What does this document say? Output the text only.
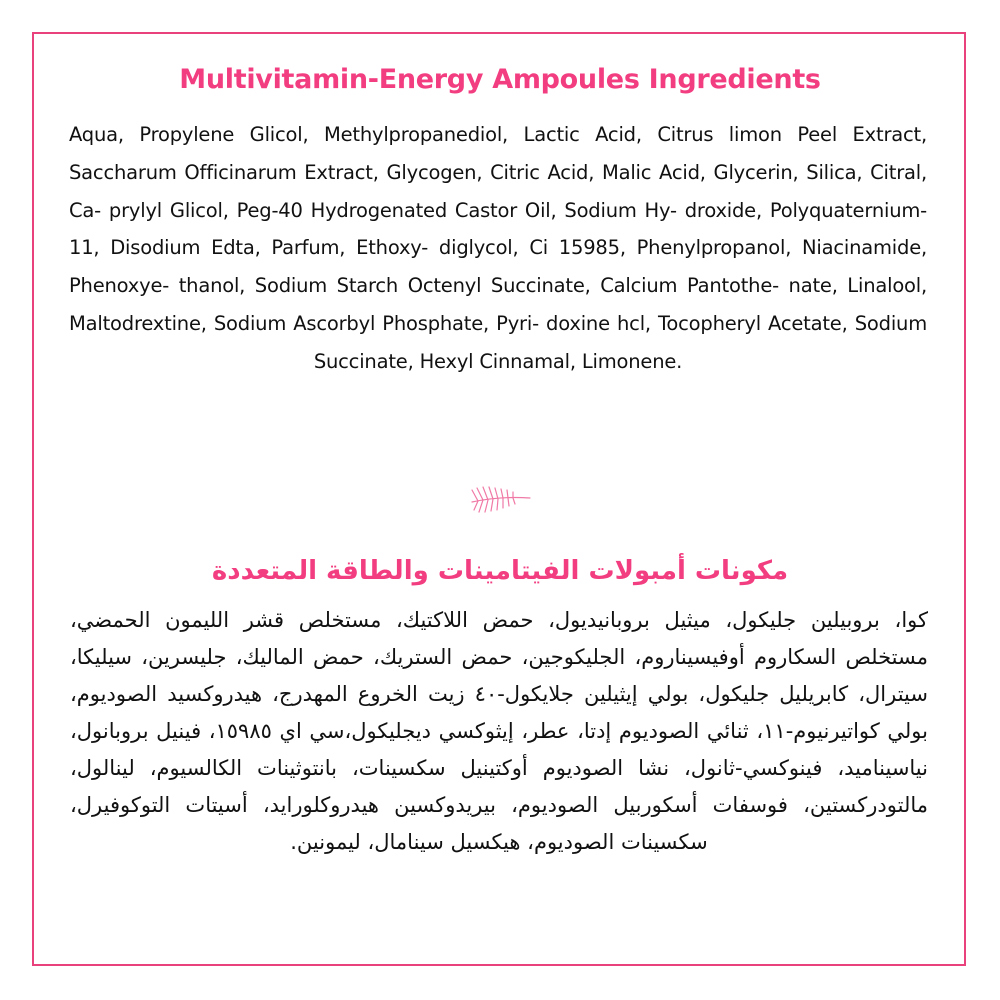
Multivitamin-Energy Ampoules Ingredients
Aqua, Propylene Glicol, Methylpropanediol, Lactic Acid, Citrus limon Peel Extract, Saccharum Officinarum Extract, Glycogen, Citric Acid, Malic Acid, Glycerin, Silica, Citral, Ca- prylyl Glicol, Peg-40 Hydrogenated Castor Oil, Sodium Hy- droxide, Polyquaternium-11, Disodium Edta, Parfum, Ethoxy- diglycol, Ci 15985, Phenylpropanol, Niacinamide, Phenoxye- thanol, Sodium Starch Octenyl Succinate, Calcium Pantothe- nate, Linalool, Maltodrextine, Sodium Ascorbyl Phosphate, Pyri- doxine hcl, Tocopheryl Acetate, Sodium Succinate, Hexyl Cinnamal, Limonene.
مكونات أمبولات الفيتامينات والطاقة المتعددة
كوا، بروبيلين جليكول، ميثيل بروبانيديول، حمض اللاكتيك، مستخلص قشر الليمون الحمضي، مستخلص السكاروم أوفيسيناروم، الجليكوجين، حمض الستريك، حمض الماليك، جليسرين، سيليكا، سيترال، كابريليل جليكول، بولي إيثيلين جلايكول-٤٠ زيت الخروع المهدرج، هيدروكسيد الصوديوم، بولي كواتيرنيوم-١١، ثنائي الصوديوم إدتا، عطر، إيثوكسي ديجليكول،سي اي ١٥٩٨٥، فينيل بروبانول، نياسيناميد، فينوكسي-ثانول، نشا الصوديوم أوكتينيل سكسينات، بانتوثينات الكالسيوم، لينالول، مالتودركستين، فوسفات أسكوربيل الصوديوم، بيريدوكسين هيدروكلورايد، أسيتات التوكوفيرل، سكسينات الصوديوم، هيكسيل سينامال، ليمونين.
